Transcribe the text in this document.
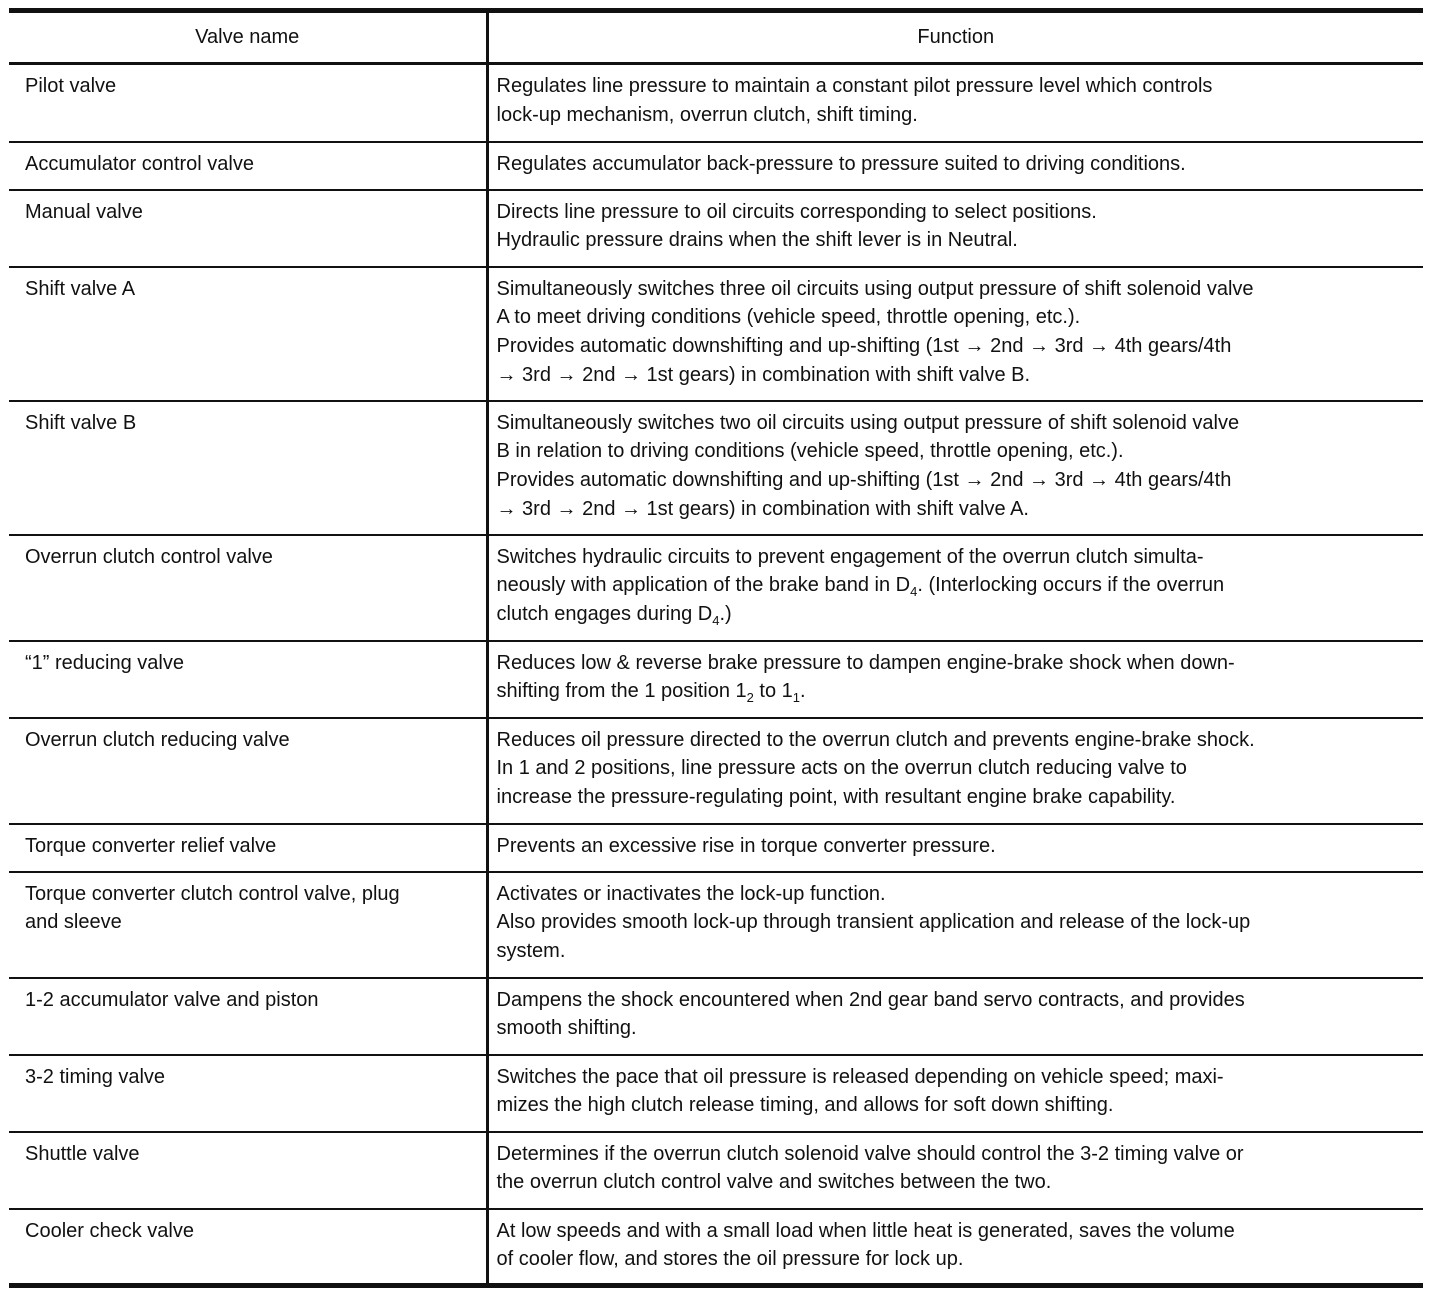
Valve name	Function

Pilot valve	Regulates line pressure to maintain a constant pilot pressure level which controls
lock-up mechanism, overrun clutch, shift timing.

Accumulator control valve	Regulates accumulator back-pressure to pressure suited to driving conditions.

Manual valve	Directs line pressure to oil circuits corresponding to select positions.
Hydraulic pressure drains when the shift lever is in Neutral.

Shift valve A	Simultaneously switches three oil circuits using output pressure of shift solenoid valve
A to meet driving conditions (vehicle speed, throttle opening, etc.).
Provides automatic downshifting and up-shifting (1st → 2nd → 3rd → 4th gears/4th
→ 3rd → 2nd → 1st gears) in combination with shift valve B.

Shift valve B	Simultaneously switches two oil circuits using output pressure of shift solenoid valve
B in relation to driving conditions (vehicle speed, throttle opening, etc.).
Provides automatic downshifting and up-shifting (1st → 2nd → 3rd → 4th gears/4th
→ 3rd → 2nd → 1st gears) in combination with shift valve A.

Overrun clutch control valve	Switches hydraulic circuits to prevent engagement of the overrun clutch simulta-
neously with application of the brake band in $D_4$. (Interlocking occurs if the overrun
clutch engages during $D_4$.)

“1” reducing valve	Reduces low & reverse brake pressure to dampen engine-brake shock when down-
shifting from the 1 position $1_2$ to $1_1$.

Overrun clutch reducing valve	Reduces oil pressure directed to the overrun clutch and prevents engine-brake shock.
In 1 and 2 positions, line pressure acts on the overrun clutch reducing valve to
increase the pressure-regulating point, with resultant engine brake capability.

Torque converter relief valve	Prevents an excessive rise in torque converter pressure.

Torque converter clutch control valve, plug
and sleeve	Activates or inactivates the lock-up function.
Also provides smooth lock-up through transient application and release of the lock-up
system.

1-2 accumulator valve and piston	Dampens the shock encountered when 2nd gear band servo contracts, and provides
smooth shifting.

3-2 timing valve	Switches the pace that oil pressure is released depending on vehicle speed; maxi-
mizes the high clutch release timing, and allows for soft down shifting.

Shuttle valve	Determines if the overrun clutch solenoid valve should control the 3-2 timing valve or
the overrun clutch control valve and switches between the two.

Cooler check valve	At low speeds and with a small load when little heat is generated, saves the volume
of cooler flow, and stores the oil pressure for lock up.
